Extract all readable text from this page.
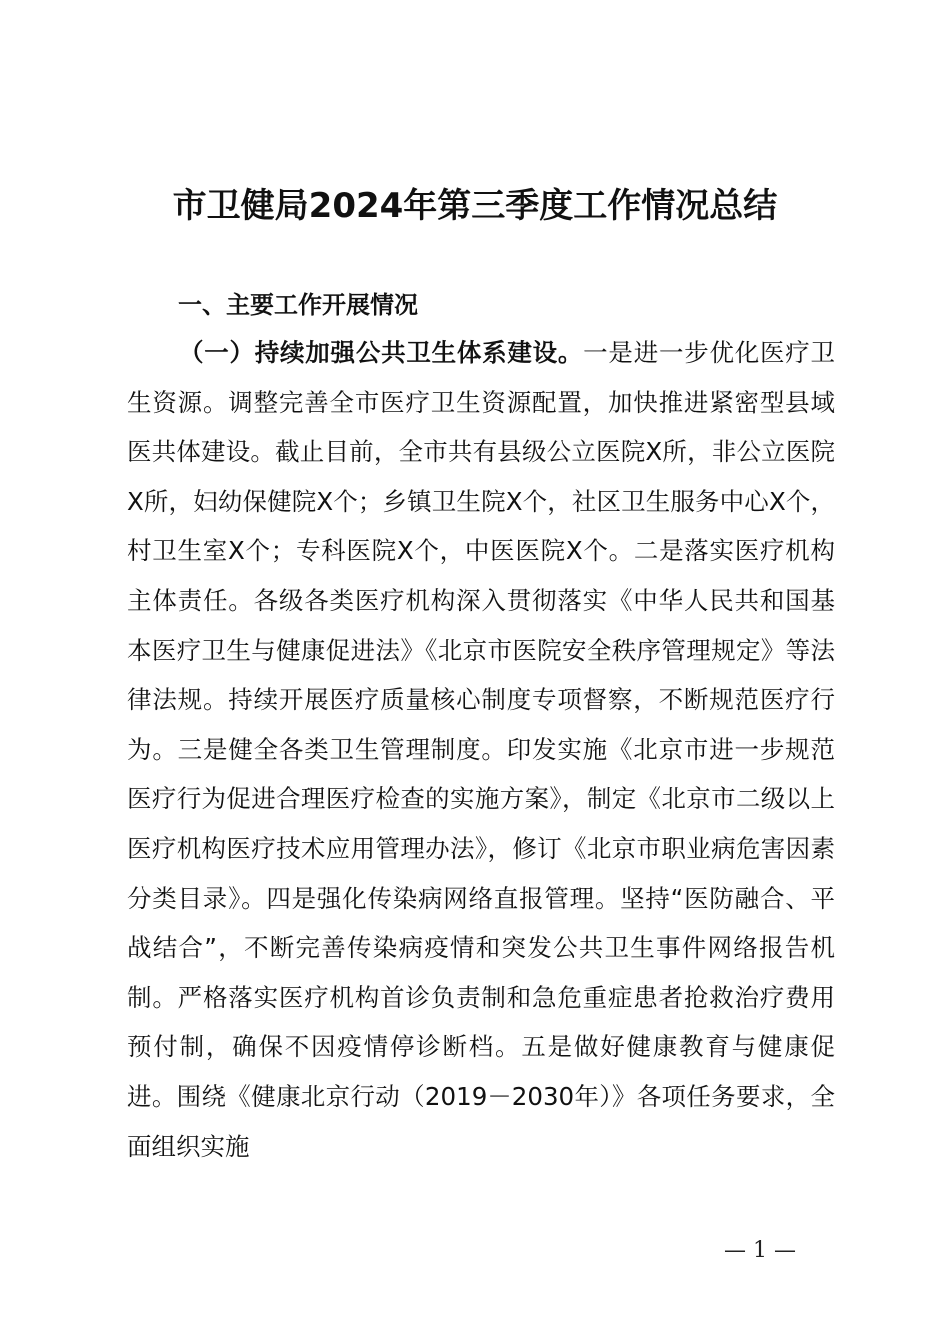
市卫健局2024年第三季度工作情况总结
一、主要工作开展情况

（一）持续加强公共卫生体系建设。一是进一步优化医疗卫生资源。调整完善全市医疗卫生资源配置，加快推进紧密型县域医共体建设。截止目前，全市共有县级公立医院X所，非公立医院X所，妇幼保健院X个；乡镇卫生院X个，社区卫生服务中心X个，村卫生室X个；专科医院X个，中医医院X个。二是落实医疗机构主体责任。各级各类医疗机构深入贯彻落实《中华人民共和国基本医疗卫生与健康促进法》《北京市医院安全秩序管理规定》等法律法规。持续开展医疗质量核心制度专项督察，不断规范医疗行为。三是健全各类卫生管理制度。印发实施《北京市进一步规范医疗行为促进合理医疗检查的实施方案》，制定《北京市二级以上医疗机构医疗技术应用管理办法》，修订《北京市职业病危害因素分类目录》。四是强化传染病网络直报管理。坚持“医防融合、平战结合”，不断完善传染病疫情和突发公共卫生事件网络报告机制。严格落实医疗机构首诊负责制和急危重症患者抢救治疗费用预付制，确保不因疫情停诊断档。五是做好健康教育与健康促进。围绕《健康北京行动（2019－2030年）》各项任务要求，全面组织实施

— 1 —
